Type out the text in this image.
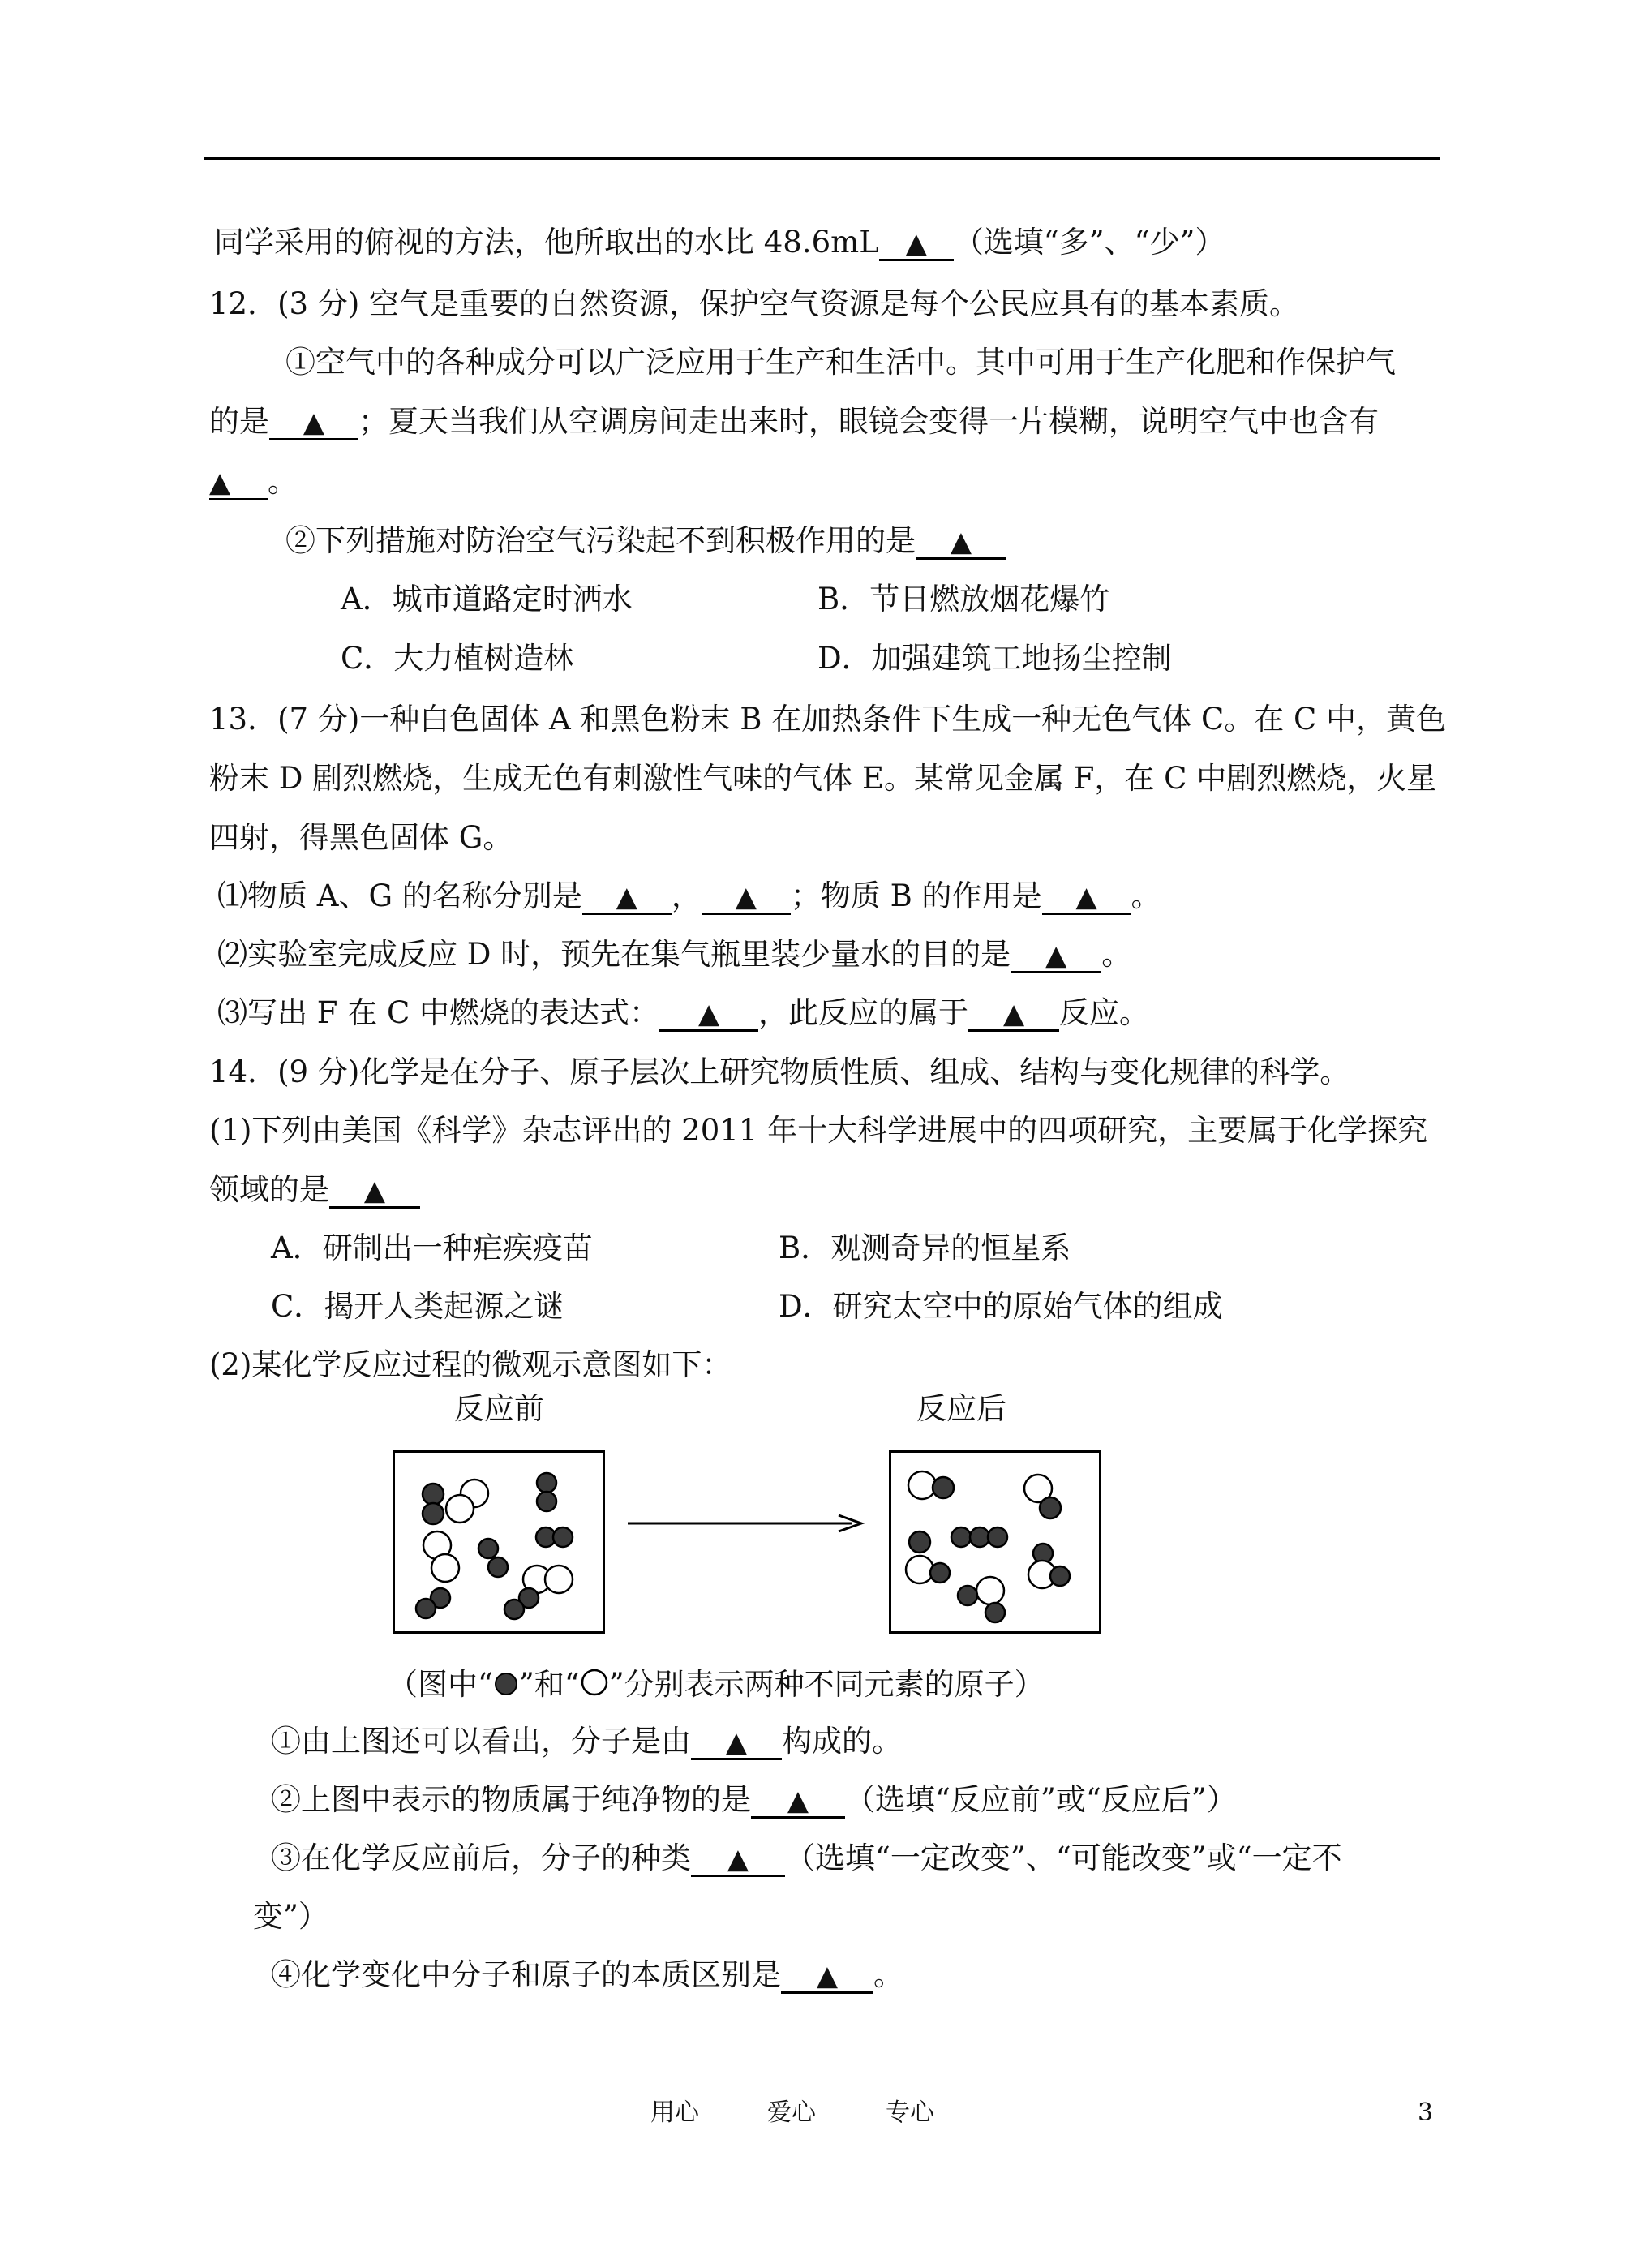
同学采用的俯视的方法，他所取出的水比 48.6mL ▲ （选填“多”、“少”）
12．(3 分) 空气是重要的自然资源，保护空气资源是每个公民应具有的基本素质。
①空气中的各种成分可以广泛应用于生产和生活中。其中可用于生产化肥和作保护气
的是 ▲ ；夏天当我们从空调房间走出来时，眼镜会变得一片模糊，说明空气中也含有
▲ 。
②下列措施对防治空气污染起不到积极作用的是 ▲
A．城市道路定时洒水	B．节日燃放烟花爆竹
C．大力植树造林	D．加强建筑工地扬尘控制
13．(7 分)一种白色固体 A 和黑色粉末 B 在加热条件下生成一种无色气体 C。在 C 中，黄色
粉末 D 剧烈燃烧，生成无色有刺激性气味的气体 E。某常见金属 F，在 C 中剧烈燃烧，火星
四射，得黑色固体 G。
⑴物质 A、G 的名称分别是 ▲ ， ▲ ；物质 B 的作用是 ▲ 。
⑵实验室完成反应 D 时，预先在集气瓶里装少量水的目的是 ▲ 。
⑶写出 F 在 C 中燃烧的表达式： ▲ ，此反应的属于 ▲ 反应。
14．(9 分)化学是在分子、原子层次上研究物质性质、组成、结构与变化规律的科学。
(1)下列由美国《科学》杂志评出的 2011 年十大科学进展中的四项研究，主要属于化学探究
领域的是 ▲
A．研制出一种疟疾疫苗	B．观测奇异的恒星系
C．揭开人类起源之谜	D．研究太空中的原始气体的组成
(2)某化学反应过程的微观示意图如下：
反应前	反应后
（图中“ ”和“ ”分别表示两种不同元素的原子）
①由上图还可以看出，分子是由 ▲ 构成的。
②上图中表示的物质属于纯净物的是 ▲ （选填“反应前”或“反应后”）
③在化学反应前后，分子的种类 ▲ （选填“一定改变”、“可能改变”或“一定不
变”）
④化学变化中分子和原子的本质区别是 ▲ 。
用心	爱心	专心	3
